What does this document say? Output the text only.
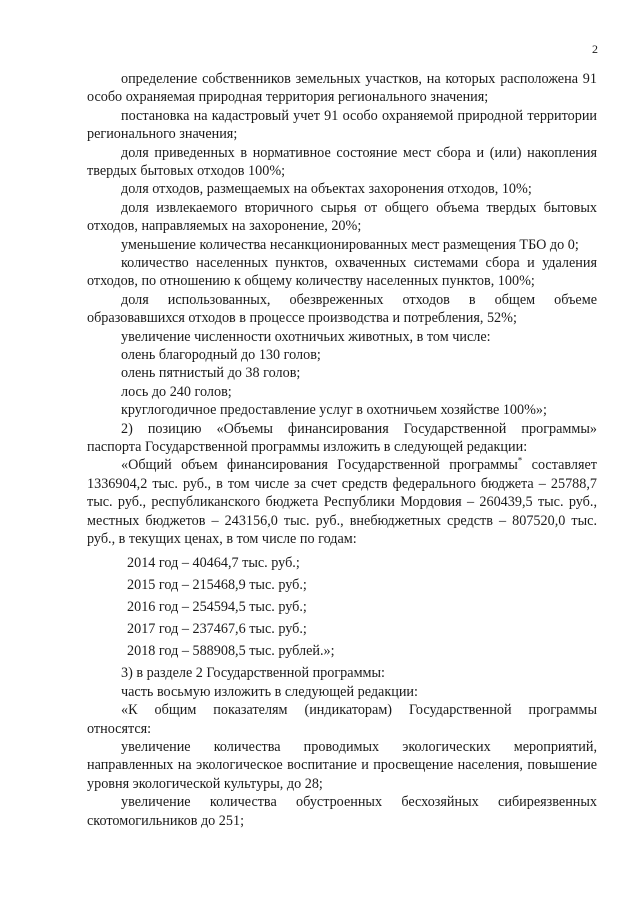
2

определение собственников земельных участков, на которых расположена 91 особо охраняемая природная территория регионального значения;

постановка на кадастровый учет 91 особо охраняемой природной территории регионального значения;

доля приведенных в нормативное состояние мест сбора и (или) накопления твердых бытовых отходов 100%;

доля отходов, размещаемых на объектах захоронения отходов, 10%;

доля извлекаемого вторичного сырья от общего объема твердых бытовых отходов, направляемых на захоронение, 20%;

уменьшение количества несанкционированных мест размещения ТБО до 0;

количество населенных пунктов, охваченных системами сбора и удаления отходов, по отношению к общему количеству населенных пунктов, 100%;

доля использованных, обезвреженных отходов в общем объеме образовавшихся отходов в процессе производства и потребления, 52%;

увеличение численности охотничьих животных, в том числе:

олень благородный до 130 голов;

олень пятнистый до 38 голов;

лось до 240 голов;

круглогодичное предоставление услуг в охотничьем хозяйстве 100%»;

2) позицию «Объемы финансирования Государственной программы» паспорта Государственной программы изложить в следующей редакции:

«Общий объем финансирования Государственной программы* составляет 1336904,2 тыс. руб., в том числе за счет средств федерального бюджета – 25788,7 тыс. руб., республиканского бюджета Республики Мордовия – 260439,5 тыс. руб., местных бюджетов – 243156,0 тыс. руб., внебюджетных средств – 807520,0 тыс. руб., в текущих ценах, в том числе по годам:

2014 год – 40464,7 тыс. руб.;

2015 год – 215468,9 тыс. руб.;

2016 год – 254594,5 тыс. руб.;

2017 год – 237467,6 тыс. руб.;

2018 год – 588908,5 тыс. рублей.»;

3) в разделе 2 Государственной программы:

часть восьмую изложить в следующей редакции:

«К общим показателям (индикаторам) Государственной программы относятся:

увеличение количества проводимых экологических мероприятий, направленных на экологическое воспитание и просвещение населения, повышение уровня экологической культуры, до 28;

увеличение количества обустроенных бесхозяйных сибиреязвенных скотомогильников до 251;
